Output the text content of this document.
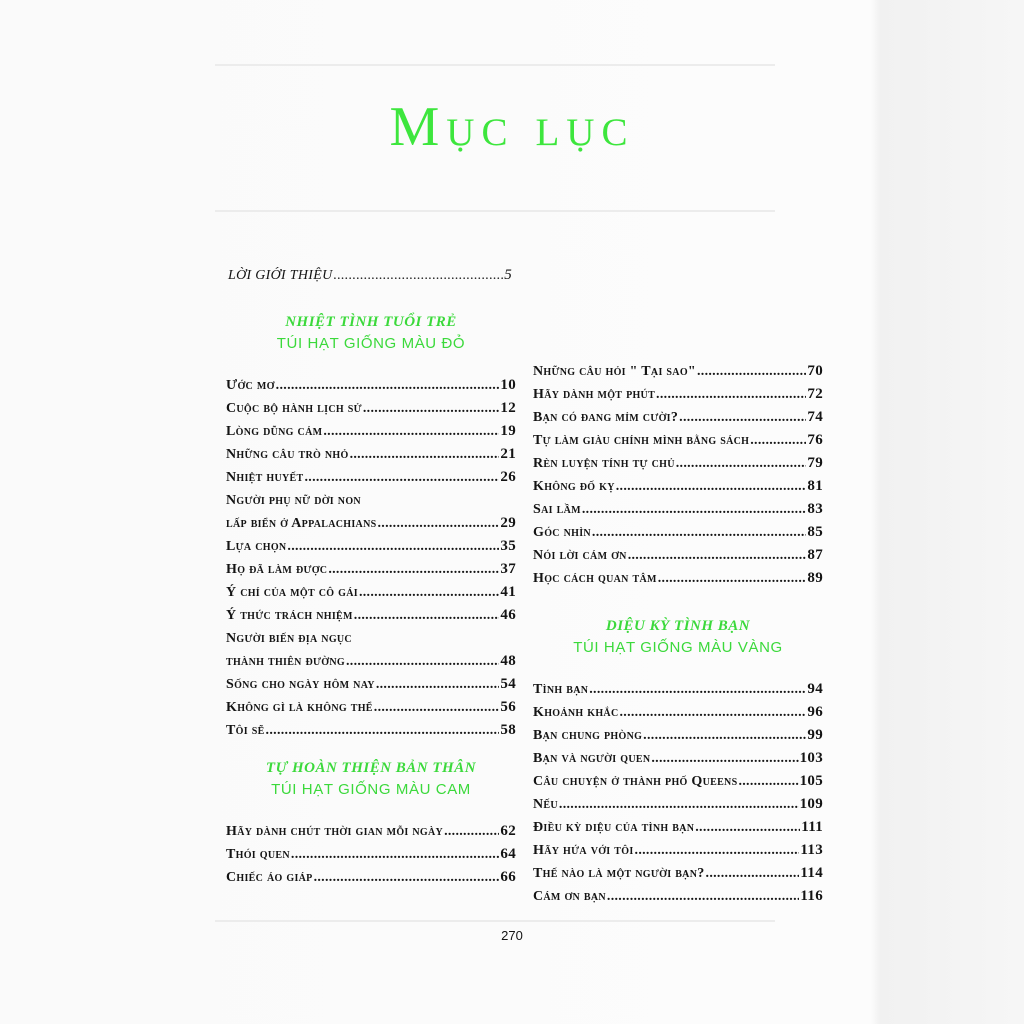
Mục lục
LỜI GIỚI THIỆU .....	5
NHIỆT TÌNH TUỔI TRẺ
TÚI HẠT GIỐNG MÀU ĐỎ
Ước mơ .....	10
Cuộc bộ hành lịch sử .....	12
Lòng dũng cảm .....	19
Những câu trò nhỏ .....	21
Nhiệt huyết .....	26
Người phụ nữ dời non
lấp biển ở Appalachians .....	29
Lựa chọn .....	35
Họ đã làm được .....	37
Ý chí của một cô gái .....	41
Ý thức trách nhiệm .....	46
Người biến địa ngục
thành thiên đường .....	48
Sống cho ngày hôm nay .....	54
Không gì là không thể .....	56
Tôi sẽ .....	58
TỰ HOÀN THIỆN BẢN THÂN
TÚI HẠT GIỐNG MÀU CAM
Hãy dành chút thời gian mỗi ngày .....	62
Thói quen .....	64
Chiếc áo giáp .....	66
Những câu hỏi " Tại sao" .....	70
Hãy dành một phút .....	72
Bạn có đang mỉm cười? .....	74
Tự làm giàu chính mình bằng sách .....	76
Rèn luyện tính tự chủ .....	79
Không đố kỵ .....	81
Sai lầm .....	83
Góc nhìn .....	85
Nói lời cám ơn .....	87
Học cách quan tâm .....	89
DIỆU KỲ TÌNH BẠN
TÚI HẠT GIỐNG MÀU VÀNG
Tình bạn .....	94
Khoảnh khắc .....	96
Bạn chung phòng .....	99
Bạn và người quen .....	103
Câu chuyện ở thành phố Queens .....	105
Nếu .....	109
Điều kỳ diệu của tình bạn .....	111
Hãy hứa với tôi .....	113
Thế nào là một người bạn? .....	114
Cám ơn bạn .....	116
270
